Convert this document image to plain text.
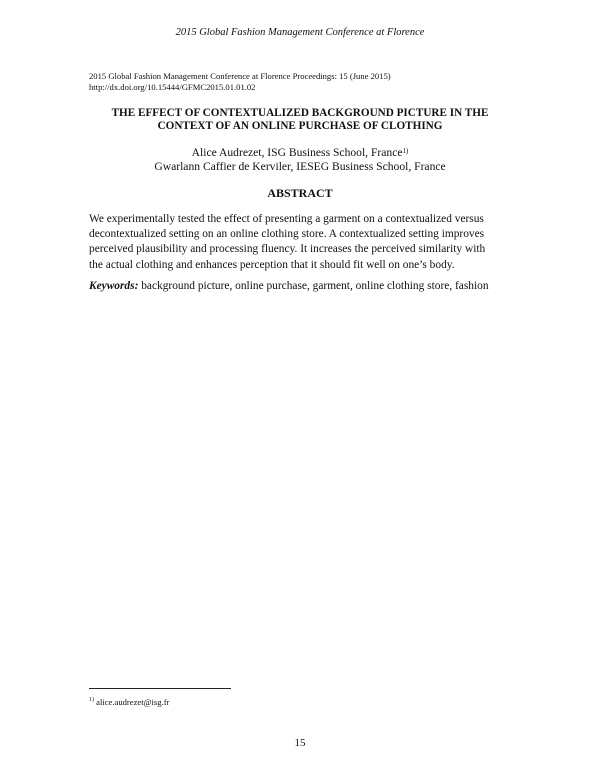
2015 Global Fashion Management Conference at Florence
2015 Global Fashion Management Conference at Florence Proceedings: 15 (June 2015)
http://dx.doi.org/10.15444/GFMC2015.01.01.02
THE EFFECT OF CONTEXTUALIZED BACKGROUND PICTURE IN THE
CONTEXT OF AN ONLINE PURCHASE OF CLOTHING
Alice Audrezet, ISG Business School, France$^{1)}$
Gwarlann Caffier de Kerviler, IESEG Business School, France
ABSTRACT
We experimentally tested the effect of presenting a garment on a contextualized versus
decontextualized setting on an online clothing store. A contextualized setting improves
perceived plausibility and processing fluency. It increases the perceived similarity with
the actual clothing and enhances perception that it should fit well on one’s body.
Keywords: background picture, online purchase, garment, online clothing store, fashion
$^{1)}$ alice.audrezet@isg.fr
15
